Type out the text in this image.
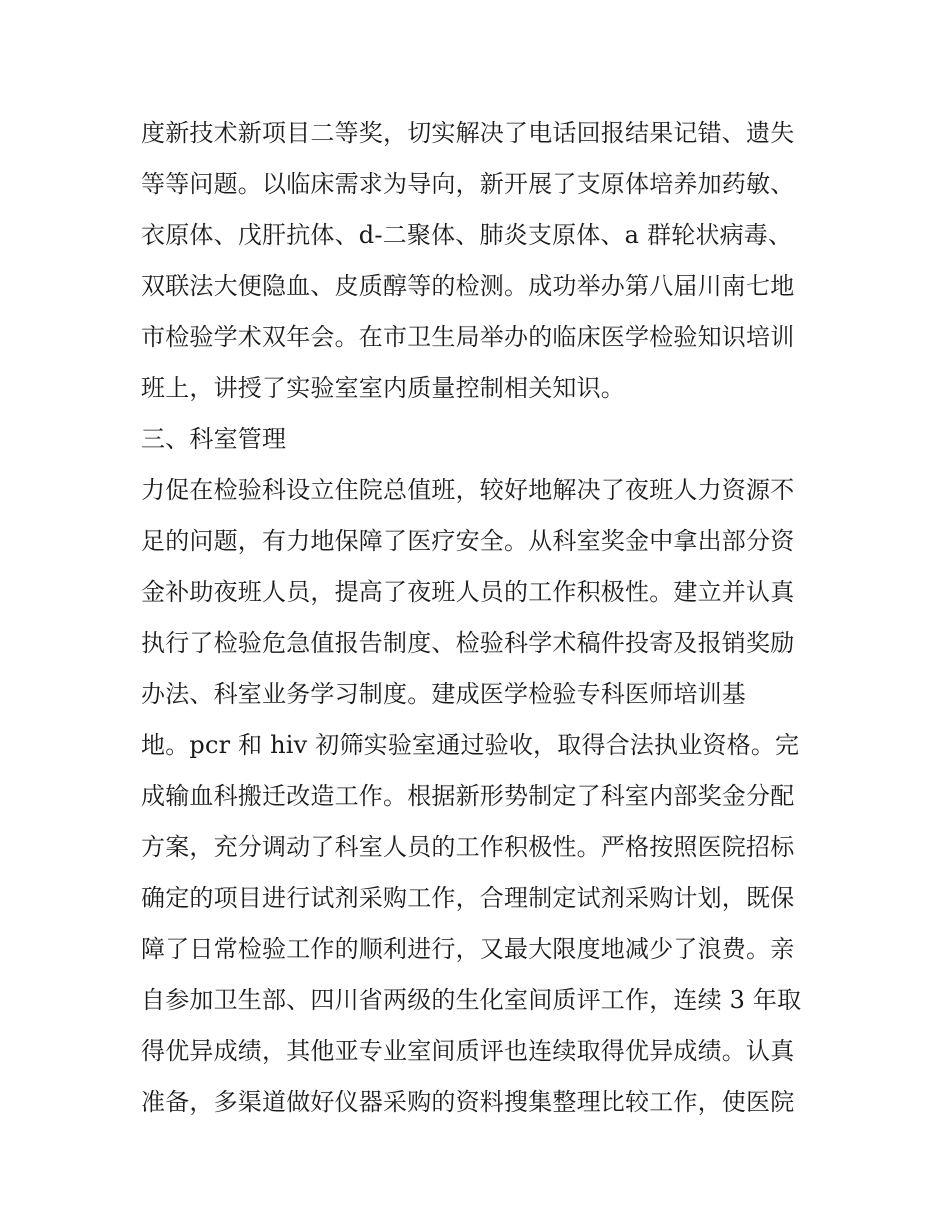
度新技术新项目二等奖，切实解决了电话回报结果记错、遗失
等等问题。以临床需求为导向，新开展了支原体培养加药敏、
衣原体、戊肝抗体、d-二聚体、肺炎支原体、a 群轮状病毒、
双联法大便隐血、皮质醇等的检测。成功举办第八届川南七地
市检验学术双年会。在市卫生局举办的临床医学检验知识培训
班上，讲授了实验室室内质量控制相关知识。
三、科室管理
力促在检验科设立住院总值班，较好地解决了夜班人力资源不
足的问题，有力地保障了医疗安全。从科室奖金中拿出部分资
金补助夜班人员，提高了夜班人员的工作积极性。建立并认真
执行了检验危急值报告制度、检验科学术稿件投寄及报销奖励
办法、科室业务学习制度。建成医学检验专科医师培训基
地。pcr 和 hiv 初筛实验室通过验收，取得合法执业资格。完
成输血科搬迁改造工作。根据新形势制定了科室内部奖金分配
方案，充分调动了科室人员的工作积极性。严格按照医院招标
确定的项目进行试剂采购工作，合理制定试剂采购计划，既保
障了日常检验工作的顺利进行，又最大限度地减少了浪费。亲
自参加卫生部、四川省两级的生化室间质评工作，连续 3 年取
得优异成绩，其他亚专业室间质评也连续取得优异成绩。认真
准备，多渠道做好仪器采购的资料搜集整理比较工作，使医院
